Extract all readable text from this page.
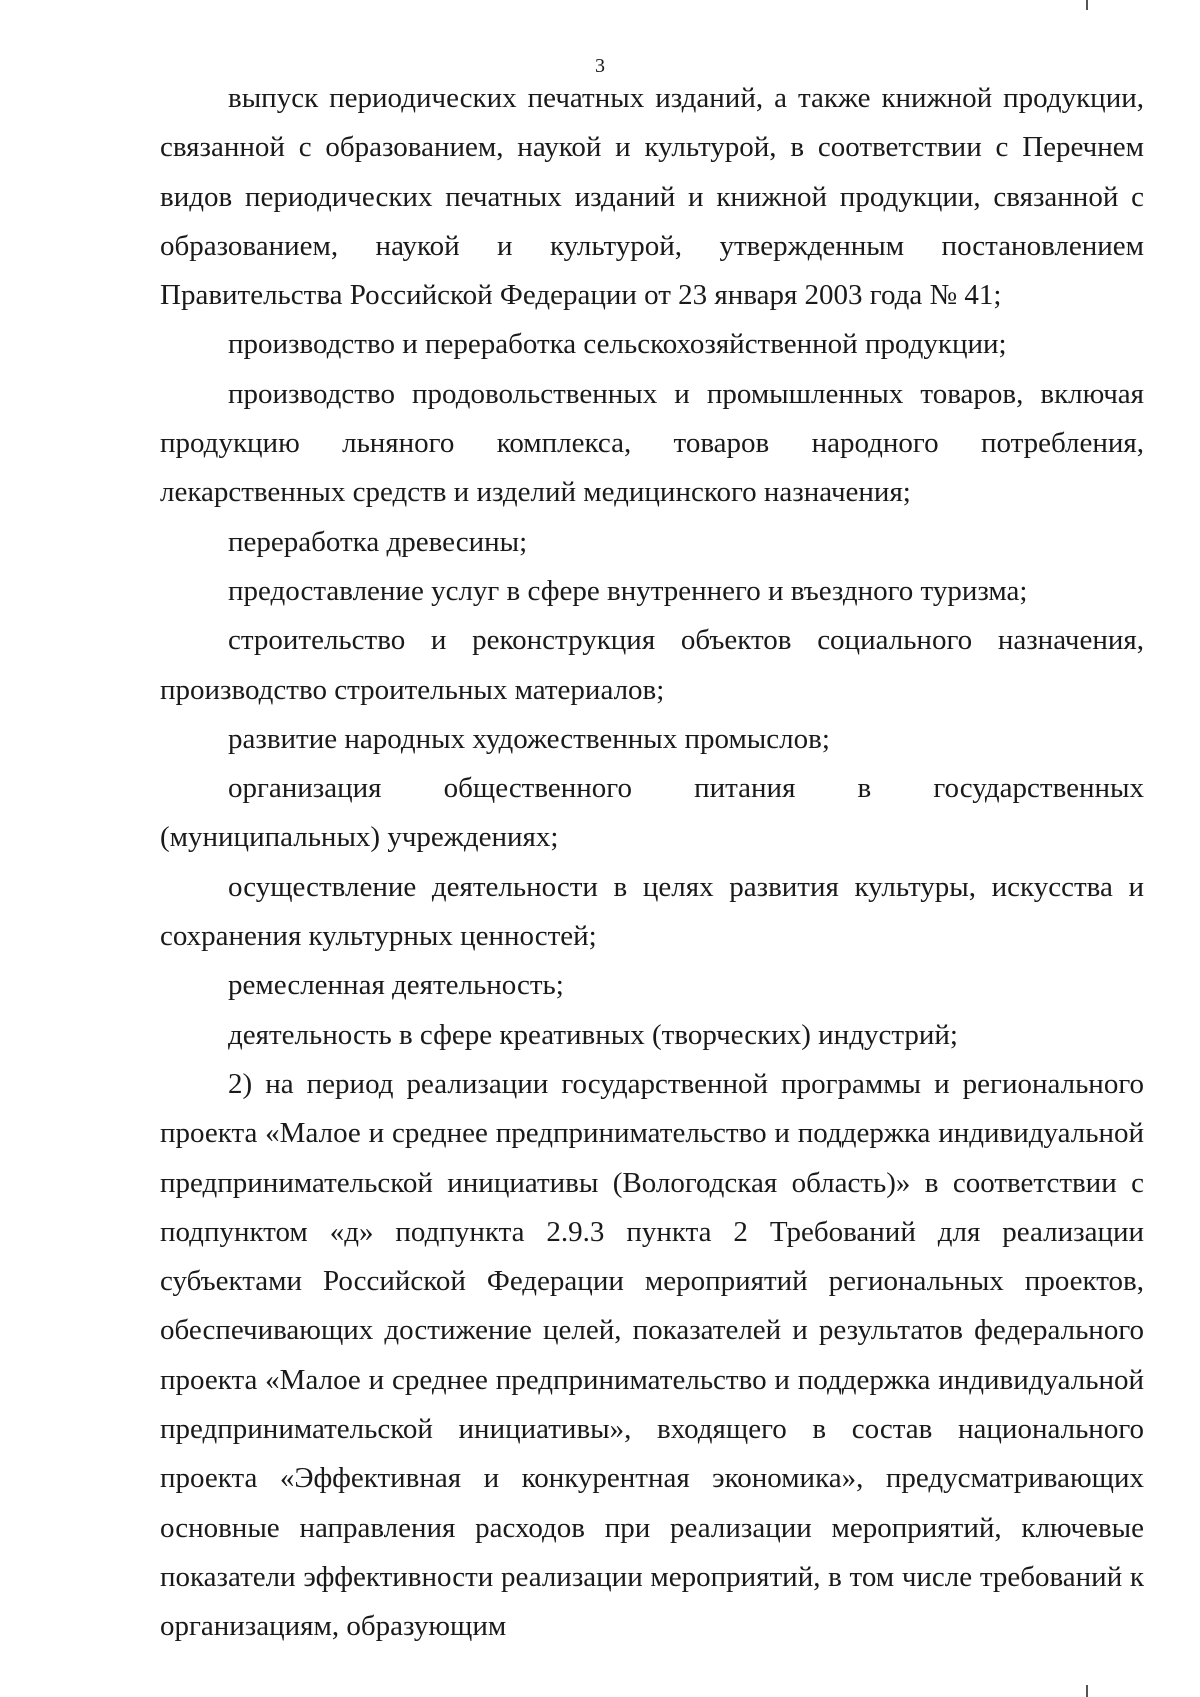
3

выпуск периодических печатных изданий, а также книжной продукции, связанной с образованием, наукой и культурой, в соответствии с Перечнем видов периодических печатных изданий и книжной продукции, связанной с образованием, наукой и культурой, утвержденным постановлением Правительства Российской Федерации от 23 января 2003 года № 41;

производство и переработка сельскохозяйственной продукции;

производство продовольственных и промышленных товаров, включая продукцию льняного комплекса, товаров народного потребления, лекарственных средств и изделий медицинского назначения;

переработка древесины;

предоставление услуг в сфере внутреннего и въездного туризма;

строительство и реконструкция объектов социального назначения, производство строительных материалов;

развитие народных художественных промыслов;

организация общественного питания в государственных (муниципальных) учреждениях;

осуществление деятельности в целях развития культуры, искусства и сохранения культурных ценностей;

ремесленная деятельность;

деятельность в сфере креативных (творческих) индустрий;

2) на период реализации государственной программы и регионального проекта «Малое и среднее предпринимательство и поддержка индивидуальной предпринимательской инициативы (Вологодская область)» в соответствии с подпунктом «д» подпункта 2.9.3 пункта 2 Требований для реализации субъектами Российской Федерации мероприятий региональных проектов, обеспечивающих достижение целей, показателей и результатов федерального проекта «Малое и среднее предпринимательство и поддержка индивидуальной предпринимательской инициативы», входящего в состав национального проекта «Эффективная и конкурентная экономика», предусматривающих основные направления расходов при реализации мероприятий, ключевые показатели эффективности реализации мероприятий, в том числе требований к организациям, образующим
